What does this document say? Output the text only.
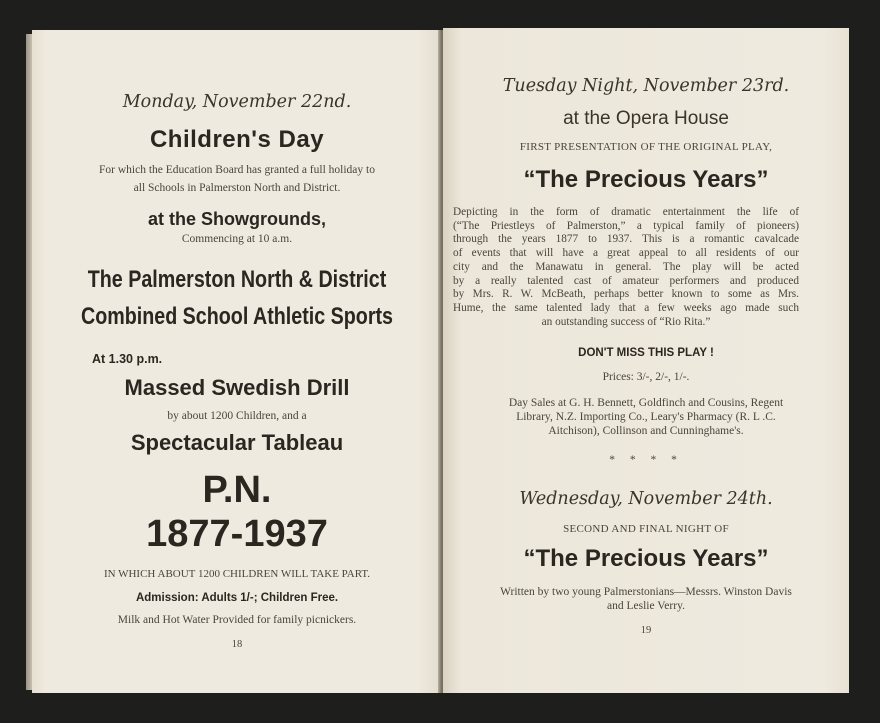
Monday, November 22nd.
Children's Day
For which the Education Board has granted a full holiday to
all Schools in Palmerston North and District.
at the Showgrounds,
Commencing at 10 a.m.
The Palmerston North & District
Combined School Athletic Sports
At 1.30 p.m.
Massed Swedish Drill
by about 1200 Children, and a
Spectacular Tableau
P.N.
1877-1937
IN WHICH ABOUT 1200 CHILDREN WILL TAKE PART.
Admission: Adults 1/-; Children Free.
Milk and Hot Water Provided for family picnickers.
18
Tuesday Night, November 23rd.
at the Opera House
FIRST PRESENTATION OF THE ORIGINAL PLAY,
“The Precious Years”
Depicting in the form of dramatic entertainment the life of
(“The Priestleys of Palmerston,” a typical family of pioneers)
through the years 1877 to 1937. This is a romantic cavalcade
of events that will have a great appeal to all residents of our
city and the Manawatu in general. The play will be acted
by a really talented cast of amateur performers and produced
by Mrs. R. W. McBeath, perhaps better known to some as Mrs.
Hume, the same talented lady that a few weeks ago made such
an outstanding success of “Rio Rita.”
DON'T MISS THIS PLAY !
Prices: 3/-, 2/-, 1/-.
Day Sales at G. H. Bennett, Goldfinch and Cousins, Regent
Library, N.Z. Importing Co., Leary's Pharmacy (R. L .C.
Aitchison), Collinson and Cunninghame's.
* * * *
Wednesday, November 24th.
SECOND AND FINAL NIGHT OF
“The Precious Years”
Written by two young Palmerstonians—Messrs. Winston Davis
and Leslie Verry.
19
